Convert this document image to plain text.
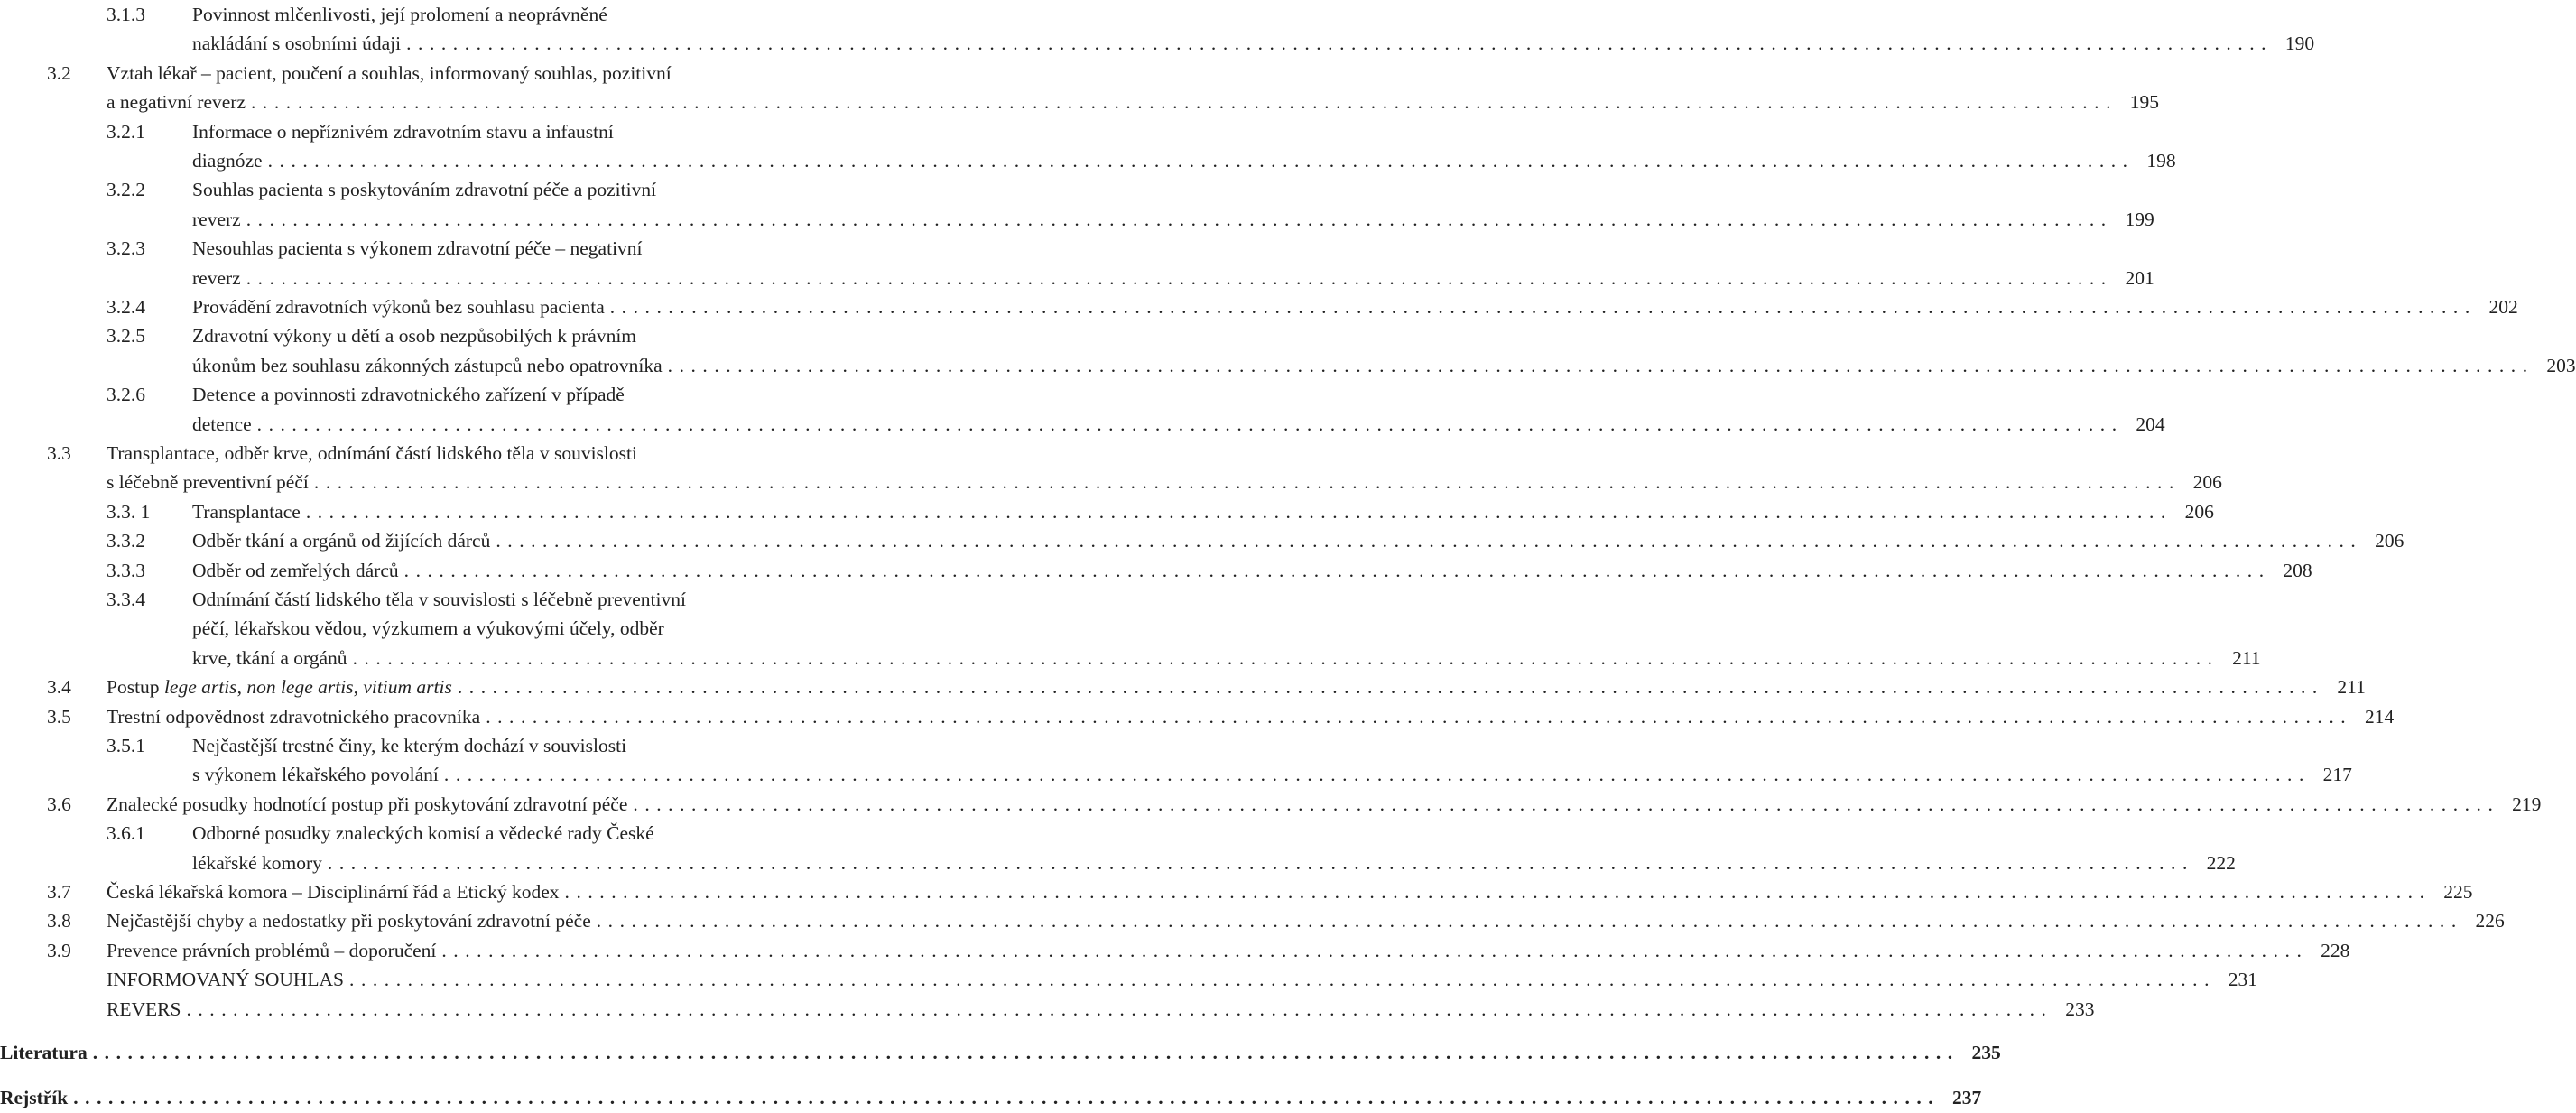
3.1.3 Povinnost mlčenlivosti, její prolomení a neoprávněné
nakládání s osobními údaji ................................................................................................................................................................ 190
3.2 Vztah lékař – pacient, poučení a souhlas, informovaný souhlas, pozitivní
a negativní reverz ................................................................................................................................................................ 195
3.2.1 Informace o nepříznivém zdravotním stavu a infaustní
diagnóze ................................................................................................................................................................ 198
3.2.2 Souhlas pacienta s poskytováním zdravotní péče a pozitivní
reverz ................................................................................................................................................................ 199
3.2.3 Nesouhlas pacienta s výkonem zdravotní péče – negativní
reverz ................................................................................................................................................................ 201
3.2.4 Provádění zdravotních výkonů bez souhlasu pacienta ................................................................................................................................................................ 202
3.2.5 Zdravotní výkony u dětí a osob nezpůsobilých k právním
úkonům bez souhlasu zákonných zástupců nebo opatrovníka ................................................................................................................................................................ 203
3.2.6 Detence a povinnosti zdravotnického zařízení v případě
detence ................................................................................................................................................................ 204
3.3 Transplantace, odběr krve, odnímání částí lidského těla v souvislosti
s léčebně preventivní péčí ................................................................................................................................................................ 206
3.3. 1 Transplantace ................................................................................................................................................................ 206
3.3.2 Odběr tkání a orgánů od žijících dárců ................................................................................................................................................................ 206
3.3.3 Odběr od zemřelých dárců ................................................................................................................................................................ 208
3.3.4 Odnímání částí lidského těla v souvislosti s léčebně preventivní
péčí, lékařskou vědou, výzkumem a výukovými účely, odběr
krve, tkání a orgánů ................................................................................................................................................................ 211
3.4 Postup lege artis, non lege artis, vitium artis ................................................................................................................................................................ 211
3.5 Trestní odpovědnost zdravotnického pracovníka ................................................................................................................................................................ 214
3.5.1 Nejčastější trestné činy, ke kterým dochází v souvislosti
s výkonem lékařského povolání ................................................................................................................................................................ 217
3.6 Znalecké posudky hodnotící postup při poskytování zdravotní péče ................................................................................................................................................................ 219
3.6.1 Odborné posudky znaleckých komisí a vědecké rady České
lékařské komory ................................................................................................................................................................ 222
3.7 Česká lékařská komora – Disciplinární řád a Etický kodex ................................................................................................................................................................ 225
3.8 Nejčastější chyby a nedostatky při poskytování zdravotní péče ................................................................................................................................................................ 226
3.9 Prevence právních problémů – doporučení ................................................................................................................................................................ 228
INFORMOVANÝ SOUHLAS ................................................................................................................................................................ 231
REVERS ................................................................................................................................................................ 233
Literatura ................................................................................................................................................................ 235
Rejstřík ................................................................................................................................................................ 237
